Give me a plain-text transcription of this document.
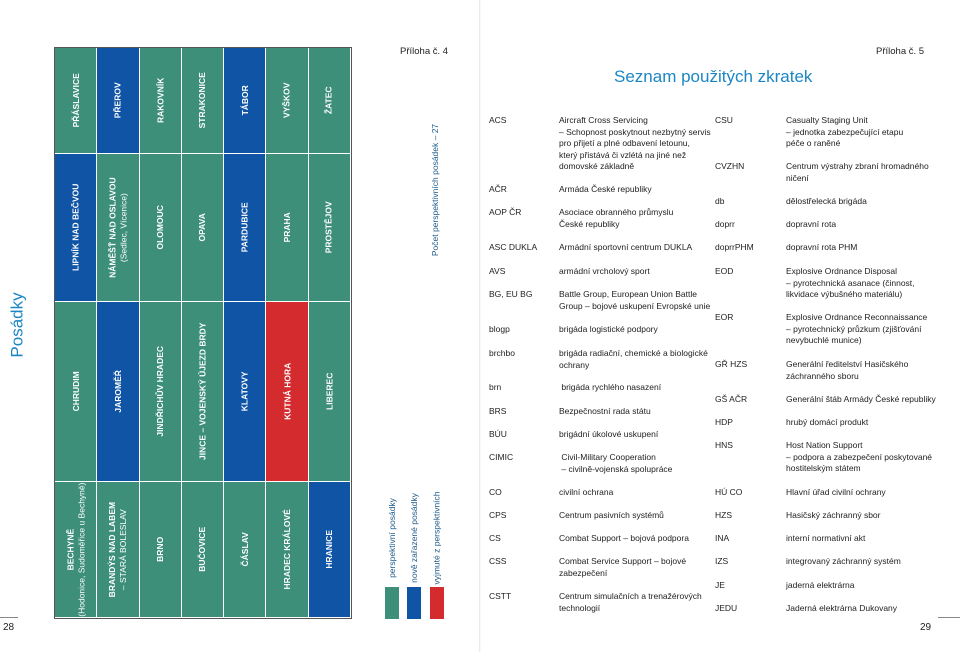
Posádky
PŘÁSLAVICE	PŘEROV	RAKOVNÍK	STRAKONICE	TÁBOR	VYŠKOV	ŽATEC
LIPNÍK NAD BEČVOU	NÁMĚŠŤ NAD OSLAVOU (Sedlec, Vícenice)	OLOMOUC	OPAVA	PARDUBICE	PRAHA	PROSTĚJOV
CHRUDIM	JAROMĚŘ	JINDŘICHŮV HRADEC	JINCE – VOJENSKÝ ÚJEZD BRDY	KLATOVY	KUTNÁ HORA	LIBEREC
BECHYNĚ (Hodonice, Sudoměřice u Bechyně)	BRANDÝS NAD LABEM – STARÁ BOLESLAV	BRNO	BUČOVICE	ČÁSLAV	HRADEC KRÁLOVÉ	HRANICE	perspektivní posádky nově zařazené posádky vyjmuté z perspektivních
Počet perspektivních posádek – 27
Příloha č. 4
28
Příloha č. 5
Seznam použitých zkratek
ACS	Aircraft Cross Servicing
– Schopnost poskytnout nezbytný servis
pro přijetí a plné odbavení letounu,
který přistává či vzlétá na jiné než
domovské základně
AČR	Armáda České republiky
AOP ČR	Asociace obranného průmyslu
České republiky
ASC DUKLA	Armádní sportovní centrum DUKLA
AVS	armádní vrcholový sport
BG, EU BG	Battle Group, European Union Battle
Group – bojové uskupení Evropské unie
blogp	brigáda logistické podpory
brchbo	brigáda radiační, chemické a biologické
ochrany
brn	brigáda rychlého nasazení
BRS	Bezpečnostní rada státu
BÚU	brigádní úkolové uskupení
CIMIC	Civil-Military Cooperation
– civilně-vojenská spolupráce
CO	civilní ochrana
CPS	Centrum pasivních systémů
CS	Combat Support – bojová podpora
CSS	Combat Service Support – bojové
zabezpečení
CSTT	Centrum simulačních a trenažérových
technologií
CSU	Casualty Staging Unit
– jednotka zabezpečující etapu
péče o raněné
CVZHN	Centrum výstrahy zbraní hromadného
ničení
db	dělostřelecká brigáda
doprr	dopravní rota
doprrPHM	dopravní rota PHM
EOD	Explosive Ordnance Disposal
– pyrotechnická asanace (činnost,
likvidace výbušného materiálu)
EOR	Explosive Ordnance Reconnaissance
– pyrotechnický průzkum (zjišťování
nevybuchlé munice)
GŘ HZS	Generální ředitelství Hasičského
záchranného sboru
GŠ AČR	Generální štáb Armády České republiky
HDP	hrubý domácí produkt
HNS	Host Nation Support
– podpora a zabezpečení poskytované
hostitelským státem
HÚ CO	Hlavní úřad civilní ochrany
HZS	Hasičský záchranný sbor
INA	interní normativní akt
IZS	integrovaný záchranný systém
JE	jaderná elektrárna
JEDU	Jaderná elektrárna Dukovany
29
